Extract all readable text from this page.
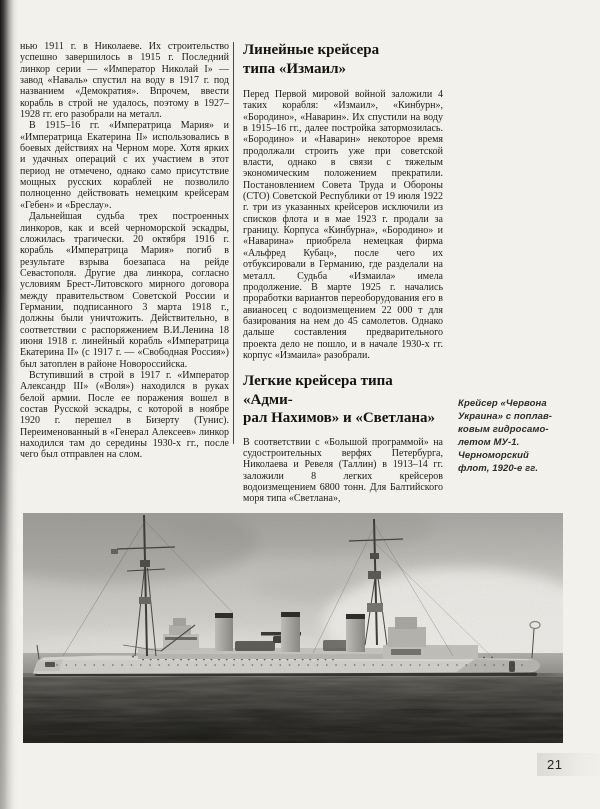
нью 1911 г. в Николаеве. Их строительство успешно завершилось в 1915 г. Последний линкор серии — «Император Николай I» — завод «Наваль» спустил на воду в 1917 г. под названием «Демократия». Впрочем, ввести корабль в строй не удалось, поэтому в 1927–1928 гг. его разобрали на металл.

В 1915–16 гг. «Императрица Мария» и «Императрица Екатерина II» использовались в боевых действиях на Черном море. Хотя ярких и удачных операций с их участием в этот период не отмечено, однако само присутствие мощных русских кораблей не позволило полноценно действовать немецким крейсерам «Гебен» и «Бреслау».

Дальнейшая судьба трех построенных линкоров, как и всей черноморской эскадры, сложилась трагически. 20 октября 1916 г. корабль «Императрица Мария» погиб в результате взрыва боезапаса на рейде Севастополя. Другие два линкора, согласно условиям Брест-Литовского мирного договора между правительством Советской России и Германии, подписанного 3 марта 1918 г., должны были уничтожить. Действительно, в соответствии с распоряжением В.И.Ленина 18 июня 1918 г. линейный корабль «Императрица Екатерина II» (с 1917 г. — «Свободная Россия») был затоплен в районе Новороссийска.

Вступивший в строй в 1917 г. «Император Александр III» («Воля») находился в руках белой армии. После ее поражения вошел в состав Русской эскадры, с которой в ноябре 1920 г. перешел в Бизерту (Тунис). Переименованный в «Генерал Алексеев» линкор находился там до середины 1930-х гг., после чего был отправлен на слом.

Линейные крейсера
типа «Измаил»

Перед Первой мировой войной заложили 4 таких корабля: «Измаил», «Кинбурн», «Бородино», «Наварин». Их спустили на воду в 1915–16 гг., далее постройка затормозилась. «Бородино» и «Наварин» некоторое время продолжали строить уже при советской власти, однако в связи с тяжелым экономическим положением прекратили. Постановлением Совета Труда и Обороны (СТО) Советской Республики от 19 июля 1922 г. три из указанных крейсеров исключили из списков флота и в мае 1923 г. продали за границу. Корпуса «Кинбурна», «Бородино» и «Наварина» приобрела немецкая фирма «Альфред Кубац», после чего их отбуксировали в Германию, где разделали на металл. Судьба «Измаила» имела продолжение. В марте 1925 г. начались проработки вариантов переоборудования его в авианосец с водоизмещением 22 000 т для базирования на нем до 45 самолетов. Однако дальше составления предварительного проекта дело не пошло, и в начале 1930-х гг. корпус «Измаила» разобрали.

Легкие крейсера типа «Адми-
рал Нахимов» и «Светлана»

В соответствии с «Большой программой» на судостроительных верфях Петербурга, Николаева и Ревеля (Таллин) в 1913–14 гг. заложили 8 легких крейсеров водоизмещением 6800 тонн. Для Балтийского моря типа «Светлана»,

Крейсер «Червона
Украина» с поплав-
ковым гидросамо-
летом МУ-1.
Черноморский
флот, 1920-е гг.
21
